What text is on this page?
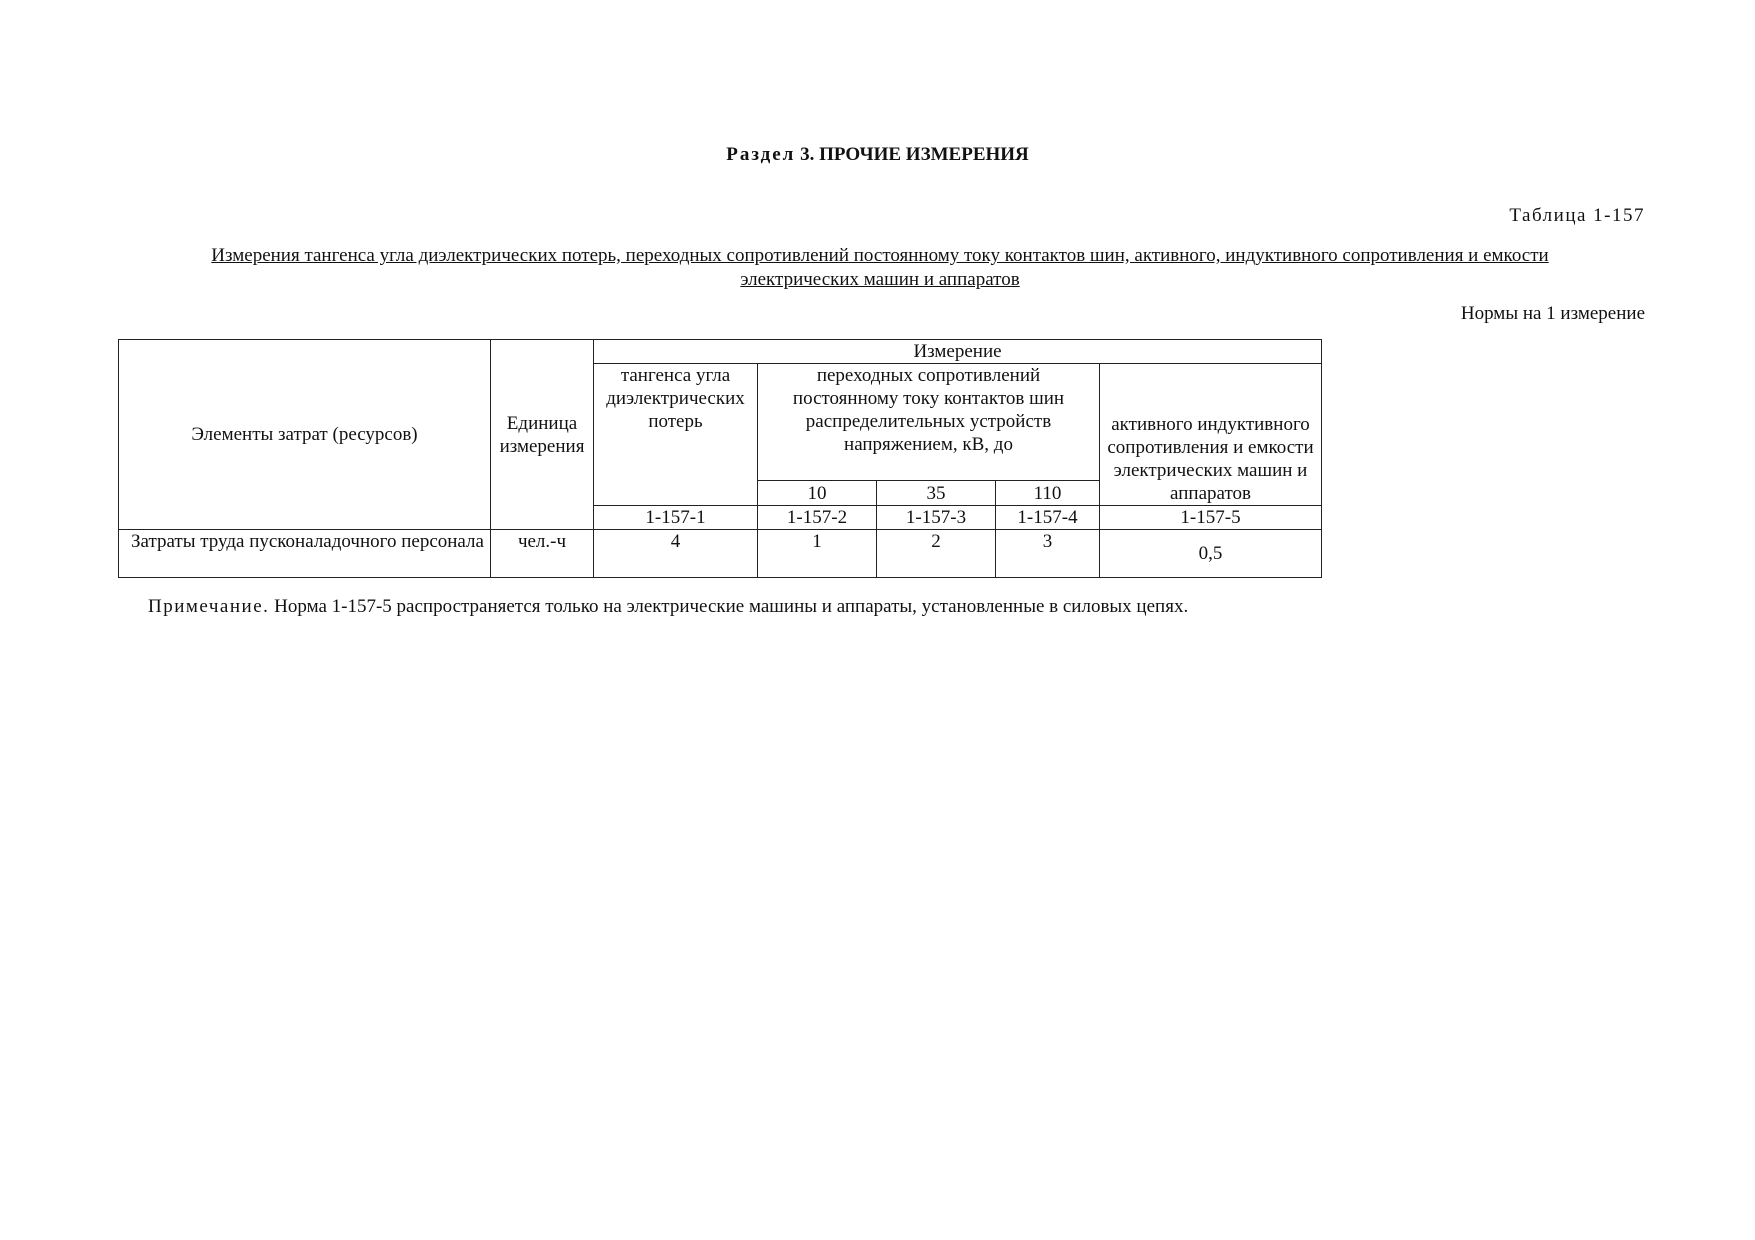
Раздел 3. ПРОЧИЕ ИЗМЕРЕНИЯ
Таблица 1-157
Измерения тангенса угла диэлектрических потерь, переходных сопротивлений постоянному току контактов шин, активного, индуктивного сопротивления и емкости электрических машин и аппаратов
Нормы на 1 измерение
Элементы затрат (ресурсов)	Единица измерения	Измерение				
		тангенса угла диэлектрических потерь	переходных сопротивлений постоянному току контактов шин распределительных устройств напряжением, кВ, до			активного индуктивного сопротивления и емкости электрических машин и аппаратов
			10	35	110	
		1-157-1	1-157-2	1-157-3	1-157-4	1-157-5
Затраты труда пусконаладочного персонала	чел.-ч	4	1	2	3	0,5
Примечание. Норма 1-157-5 распространяется только на электрические машины и аппараты, установленные в силовых цепях.
